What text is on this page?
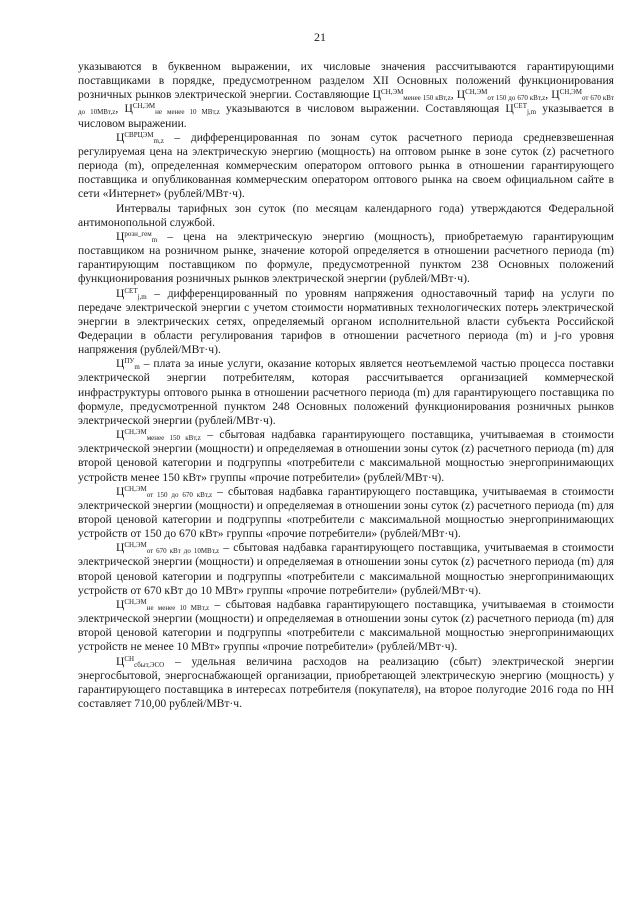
21

указываются в буквенном выражении, их числовые значения рассчитываются гарантирующими поставщиками в порядке, предусмотренном разделом XII Основных положений функционирования розничных рынков электрической энергии. Составляющие $Ц^{СН,ЭМ}_{менее 150 кВт,z}$, $Ц^{СН,ЭМ}_{от 150 до 670 кВт,z}$, $Ц^{СН,ЭМ}_{от 670 кВт до 10МВт,z}$, $Ц^{СН,ЭМ}_{не менее 10 МВт,z}$ указываются в числовом выражении. Составляющая $Ц^{СЕТ}_{j,m}$ указывается в числовом выражении.

$Ц^{СВРЦЭМ}_{m,z}$ – дифференцированная по зонам суток расчетного периода средневзвешенная регулируемая цена на электрическую энергию (мощность) на оптовом рынке в зоне суток (z) расчетного периода (m), определенная коммерческим оператором оптового рынка в отношении гарантирующего поставщика и опубликованная коммерческим оператором оптового рынка на своем официальном сайте в сети «Интернет» (рублей/МВт·ч).

Интервалы тарифных зон суток (по месяцам календарного года) утверждаются Федеральной антимонопольной службой.

$Ц^{розн\_гем}_m$ – цена на электрическую энергию (мощность), приобретаемую гарантирующим поставщиком на розничном рынке, значение которой определяется в отношении расчетного периода (m) гарантирующим поставщиком по формуле, предусмотренной пунктом 238 Основных положений функционирования розничных рынков электрической энергии (рублей/МВт·ч).

$Ц^{СЕТ}_{j,m}$ – дифференцированный по уровням напряжения одноставочный тариф на услуги по передаче электрической энергии с учетом стоимости нормативных технологических потерь электрической энергии в электрических сетях, определяемый органом исполнительной власти субъекта Российской Федерации в области регулирования тарифов в отношении расчетного периода (m) и j-го уровня напряжения (рублей/МВт·ч).

$Ц^{ПУ}_m$ – плата за иные услуги, оказание которых является неотъемлемой частью процесса поставки электрической энергии потребителям, которая рассчитывается организацией коммерческой инфраструктуры оптового рынка в отношении расчетного периода (m) для гарантирующего поставщика по формуле, предусмотренной пунктом 248 Основных положений функционирования розничных рынков электрической энергии (рублей/МВт·ч).

$Ц^{СН,ЭМ}_{менее 150 кВт,z}$ – сбытовая надбавка гарантирующего поставщика, учитываемая в стоимости электрической энергии (мощности) и определяемая в отношении зоны суток (z) расчетного периода (m) для второй ценовой категории и подгруппы «потребители с максимальной мощностью энергопринимающих устройств менее 150 кВт» группы «прочие потребители» (рублей/МВт·ч).

$Ц^{СН,ЭМ}_{от 150 до 670 кВт,z}$ – сбытовая надбавка гарантирующего поставщика, учитываемая в стоимости электрической энергии (мощности) и определяемая в отношении зоны суток (z) расчетного периода (m) для второй ценовой категории и подгруппы «потребители с максимальной мощностью энергопринимающих устройств от 150 до 670 кВт» группы «прочие потребители» (рублей/МВт·ч).

$Ц^{СН,ЭМ}_{от 670 кВт до 10МВт,z}$ – сбытовая надбавка гарантирующего поставщика, учитываемая в стоимости электрической энергии (мощности) и определяемая в отношении зоны суток (z) расчетного периода (m) для второй ценовой категории и подгруппы «потребители с максимальной мощностью энергопринимающих устройств от 670 кВт до 10 МВт» группы «прочие потребители» (рублей/МВт·ч).

$Ц^{СН,ЭМ}_{не менее 10 МВт,z}$ – сбытовая надбавка гарантирующего поставщика, учитываемая в стоимости электрической энергии (мощности) и определяемая в отношении зоны суток (z) расчетного периода (m) для второй ценовой категории и подгруппы «потребители с максимальной мощностью энергопринимающих устройств не менее 10 МВт» группы «прочие потребители» (рублей/МВт·ч).

$Ц^{СН}_{сбыт,ЭСО}$ – удельная величина расходов на реализацию (сбыт) электрической энергии энергосбытовой, энергоснабжающей организации, приобретающей электрическую энергию (мощность) у гарантирующего поставщика в интересах потребителя (покупателя), на второе полугодие 2016 года по НН составляет 710,00 рублей/МВт·ч.
